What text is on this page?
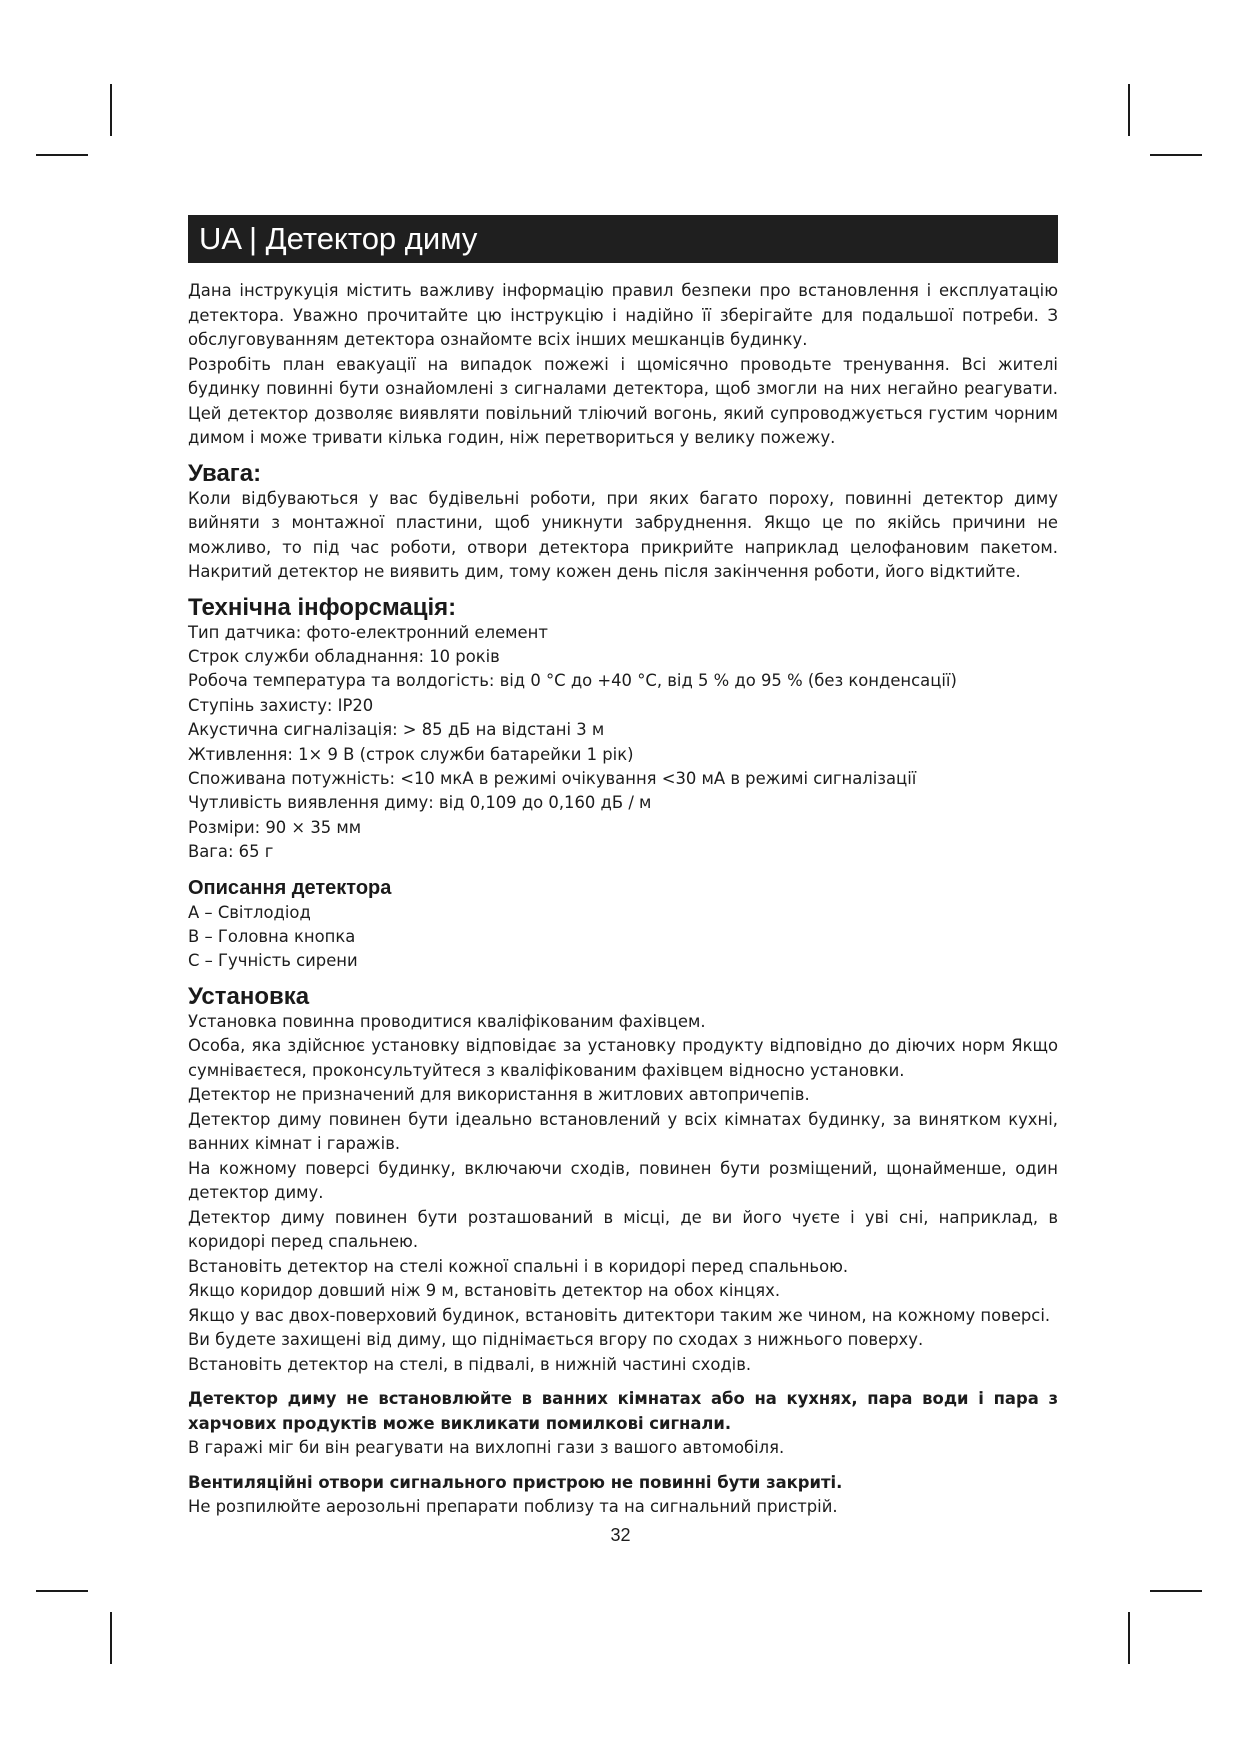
UA | Детектор диму

Дана інструкуція містить важливу інформацію правил безпеки про встановлення і експлуатацію детектора. Уважно прочитайте цю інструкцію і надійно її зберігайте для подальшої потреби. З обслуговуванням детектора ознайомте всіх інших мешканців будинку.

Розробіть план евакуації на випадок пожежі і щомісячно проводьте тренування. Всі жителі будинку повинні бути ознайомлені з сигналами детектора, щоб змогли на них негайно реагувати. Цей детектор дозволяє виявляти повільний тліючий вогонь, який супроводжується густим чорним димом і може тривати кілька годин, ніж перетвориться у велику пожежу.

Увага:

Коли відбуваються у вас будівельні роботи, при яких багато пороху, повинні детектор диму вийняти з монтажної пластини, щоб уникнути забруднення. Якщо це по якійсь причини не можливо, то під час роботи, отвори детектора прикрийте наприклад целофановим пакетом. Накритий детектор не виявить дим, тому кожен день після закінчення роботи, його відктийте.

Технічна інфорсмація:
Тип датчика: фото-електронний елемент
Строк служби обладнання: 10 років
Робоча температура та волдогість: від 0 °C до +40 °C, від 5 % до 95 % (без конденсації)
Ступінь захисту: IP20
Акустична сигналізація: > 85 дБ на відстані 3 м
Жтивлення: 1× 9 В (строк служби батарейки 1 рік)
Споживана потужність: <10 мкА в режимі очікування <30 мА в режимі сигналізації
Чутливість виявлення диму: від 0,109 до 0,160 дБ / м
Розміри: 90 × 35 мм
Вага: 65 г
Описання детектора
A – Світлодіод
B – Головна кнопка
C – Гучність сирени
Установка

Установка повинна проводитися кваліфікованим фахівцем.

Особа, яка здійснює установку відповідає за установку продукту відповідно до діючих норм Якщо сумніваєтеся, проконсультуйтеся з кваліфікованим фахівцем відносно установки.

Детектор не призначений для використання в житлових автопричепів.

Детектор диму повинен бути ідеально встановлений у всіх кімнатах будинку, за винятком кухні, ванних кімнат і гаражів.

На кожному поверсі будинку, включаючи сходів, повинен бути розміщений, щонайменше, один детектор диму.

Детектор диму повинен бути розташований в місці, де ви його чуєте і уві сні, наприклад, в коридорі перед спальнею.

Встановіть детектор на стелі кожної спальні і в коридорі перед спальньою.

Якщо коридор довший ніж 9 м, встановіть детектор на обох кінцях.

Якщо у вас двох-поверховий будинок, встановіть дитектори таким же чином, на кожному поверсі.

Ви будете захищені від диму, що піднімається вгору по сходах з нижнього поверху.

Встановіть детектор на стелі, в підвалі, в нижній частині сходів.

Детектор диму не встановлюйте в ванних кімнатах або на кухнях, пара води і пара з харчових продуктів може викликати помилкові сигнали.

В гаражі міг би він реагувати на вихлопні гази з вашого автомобіля.

Вентиляційні отвори сигнального пристрою не повинні бути закриті.

Не розпилюйте аерозольні препарати поблизу та на сигнальний пристрій.

32
